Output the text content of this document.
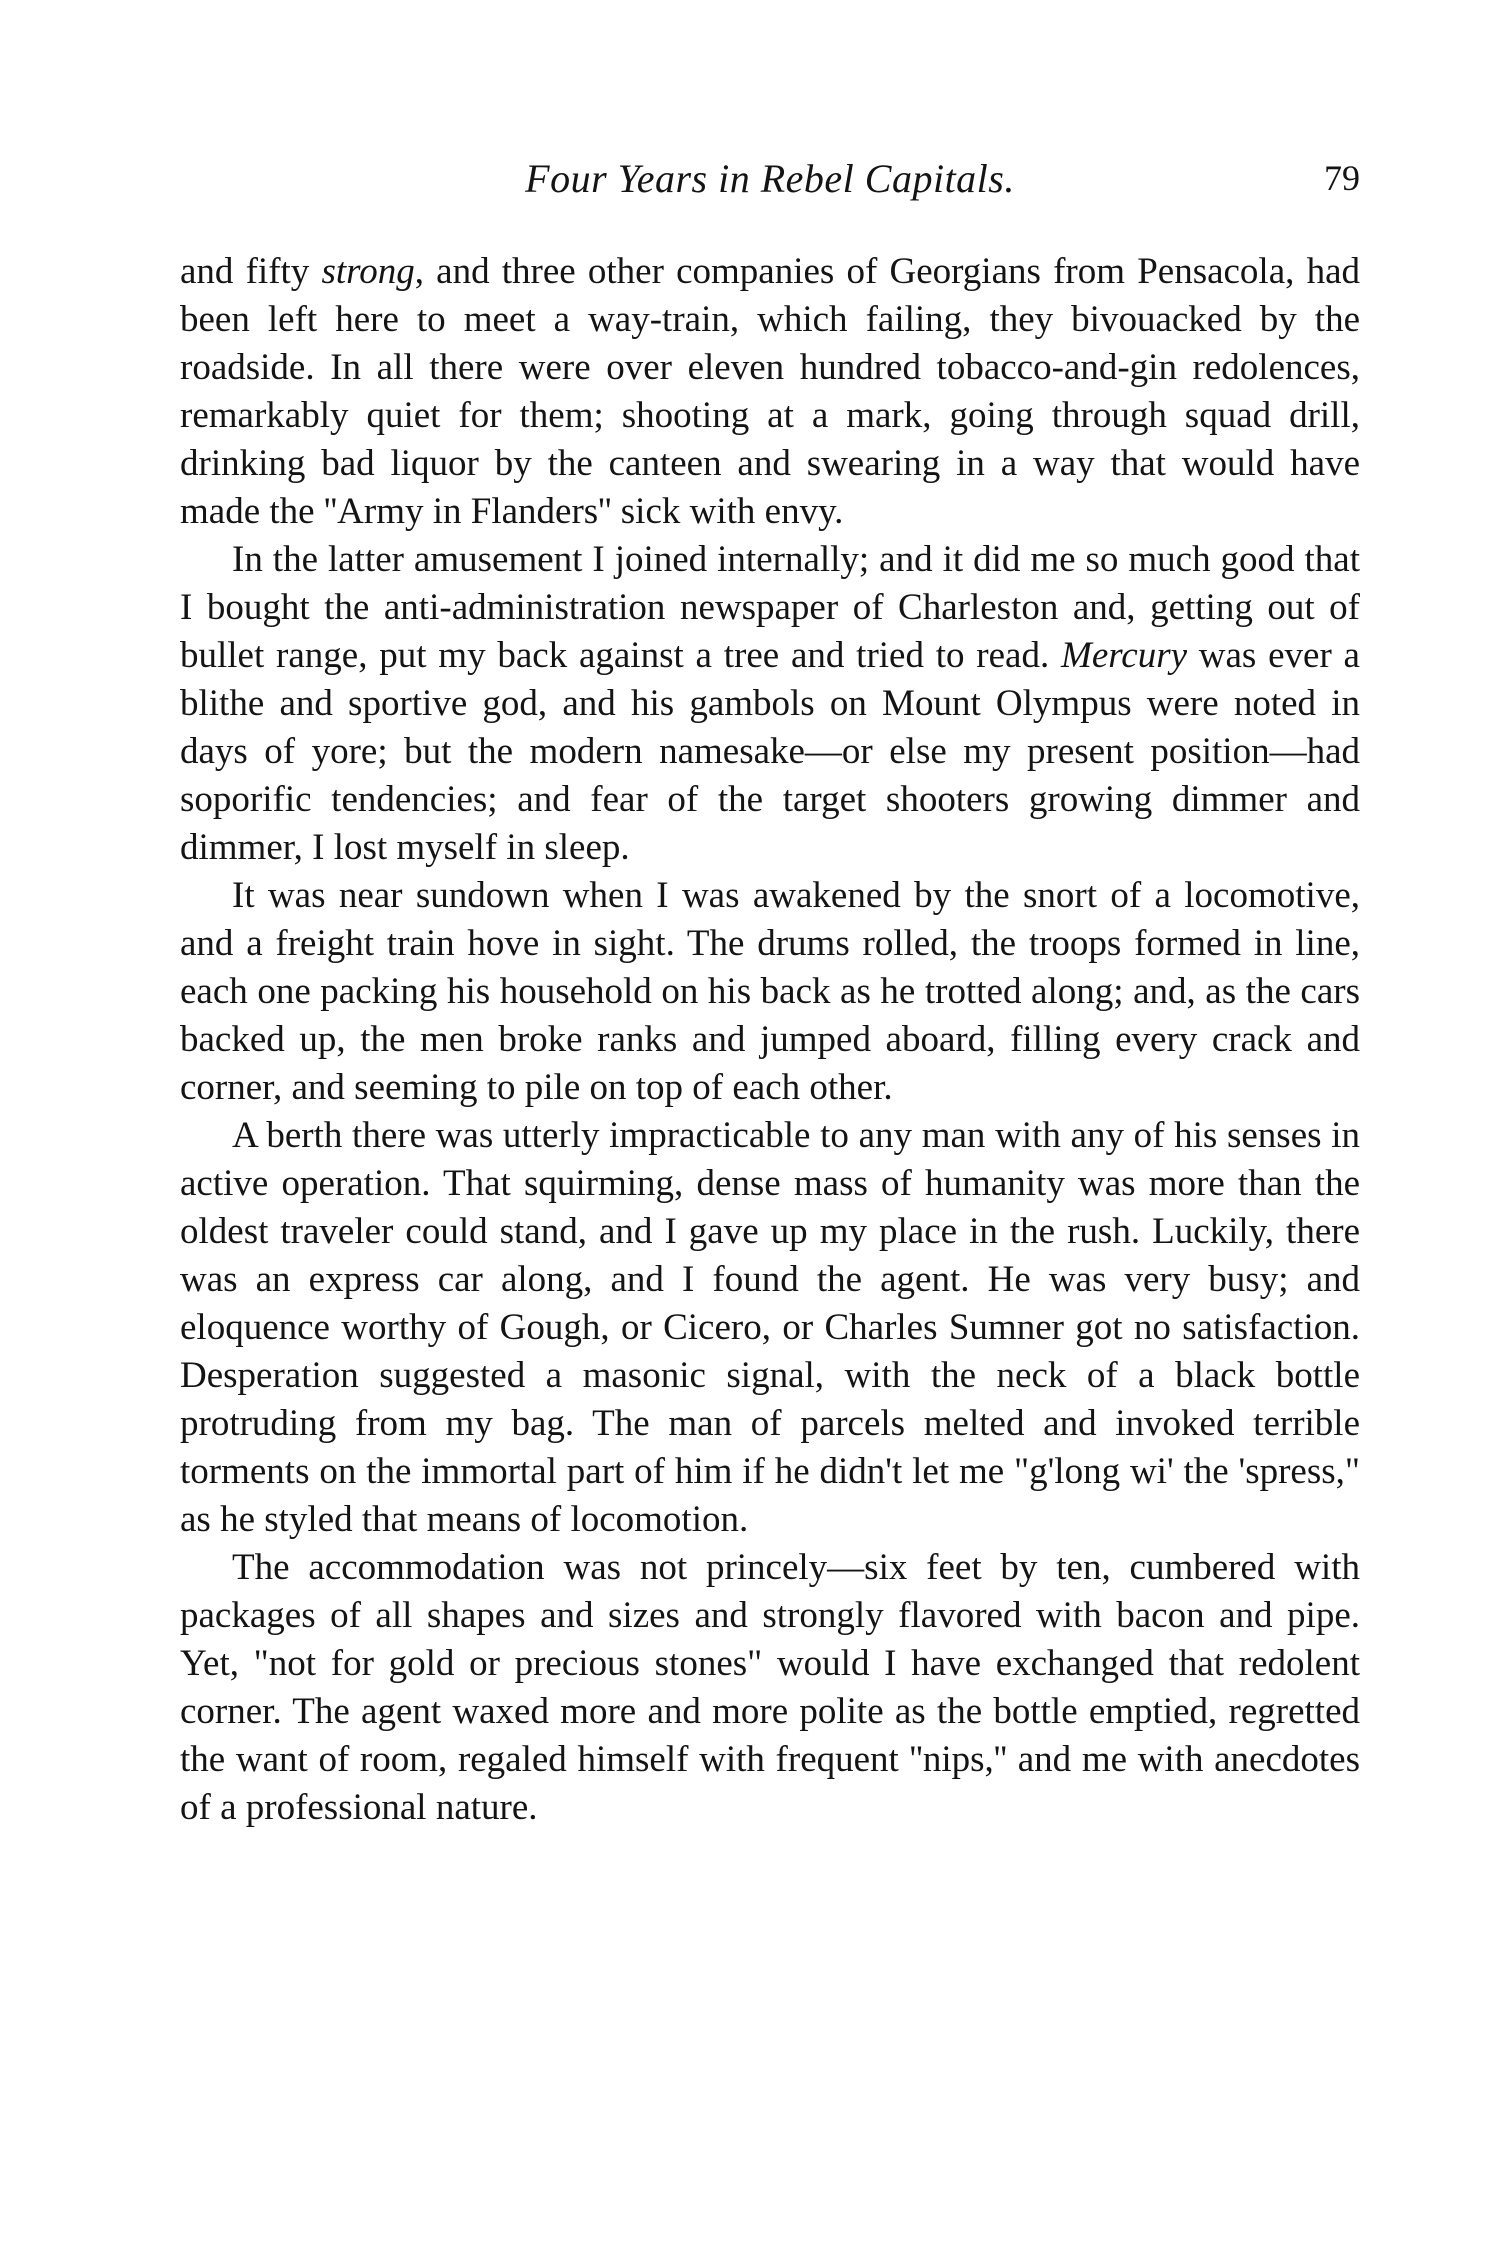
Four Years in Rebel Capitals.	79

and fifty strong, and three other companies of Georgians from Pensacola, had been left here to meet a way-train, which failing, they bivouacked by the roadside. In all there were over eleven hundred tobacco-and-gin redolences, remarkably quiet for them; shooting at a mark, going through squad drill, drinking bad liquor by the canteen and swearing in a way that would have made the ''Army in Flanders'' sick with envy.

In the latter amusement I joined internally; and it did me so much good that I bought the anti-administration newspaper of Charleston and, getting out of bullet range, put my back against a tree and tried to read. Mercury was ever a blithe and sportive god, and his gambols on Mount Olympus were noted in days of yore; but the modern namesake—or else my present position—had soporific tendencies; and fear of the target shooters growing dimmer and dimmer, I lost myself in sleep.

It was near sundown when I was awakened by the snort of a locomotive, and a freight train hove in sight. The drums rolled, the troops formed in line, each one packing his household on his back as he trotted along; and, as the cars backed up, the men broke ranks and jumped aboard, filling every crack and corner, and seeming to pile on top of each other.

A berth there was utterly impracticable to any man with any of his senses in active operation. That squirming, dense mass of humanity was more than the oldest traveler could stand, and I gave up my place in the rush. Luckily, there was an express car along, and I found the agent. He was very busy; and eloquence worthy of Gough, or Cicero, or Charles Sumner got no satisfaction. Desperation suggested a masonic signal, with the neck of a black bottle protruding from my bag. The man of parcels melted and invoked terrible torments on the immortal part of him if he didn't let me "g'long wi' the 'spress," as he styled that means of locomotion.

The accommodation was not princely—six feet by ten, cumbered with packages of all shapes and sizes and strongly flavored with bacon and pipe. Yet, "not for gold or precious stones" would I have exchanged that redolent corner. The agent waxed more and more polite as the bottle emptied, regretted the want of room, regaled himself with frequent ''nips,'' and me with anecdotes of a professional nature.
